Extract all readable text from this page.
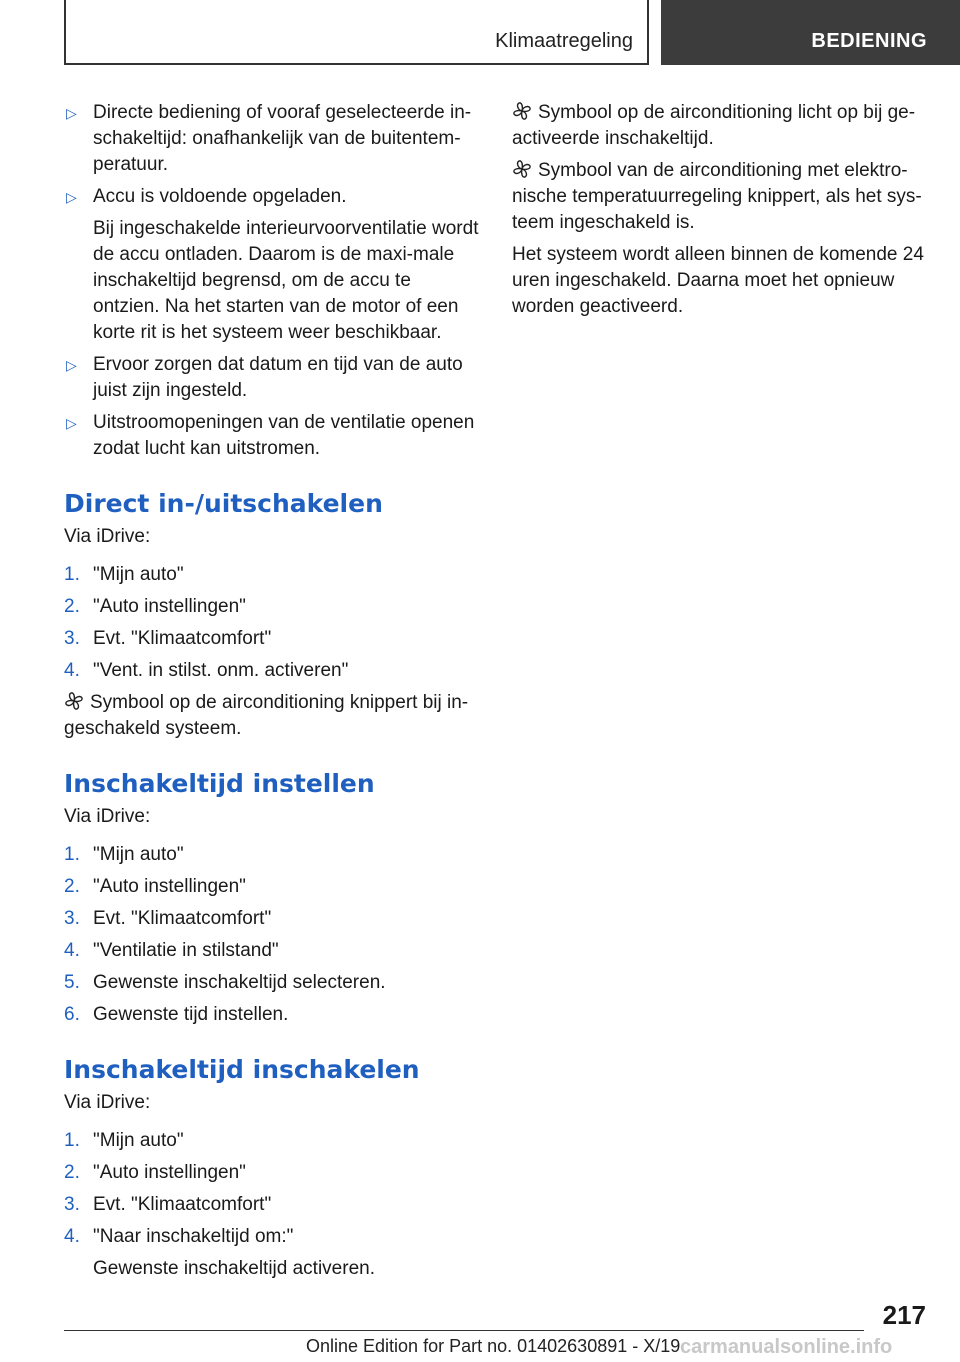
Klimaatregeling	BEDIENING
▷ Directe bediening of vooraf geselecteerde in-schakeltijd: onafhankelijk van de buitentem-peratuur.

▷ Accu is voldoende opgeladen.

Bij ingeschakelde interieurvoorventilatie wordt de accu ontladen. Daarom is de maxi-male inschakeltijd begrensd, om de accu te ontzien. Na het starten van de motor of een korte rit is het systeem weer beschikbaar.

▷ Ervoor zorgen dat datum en tijd van de auto juist zijn ingesteld.

▷ Uitstroomopeningen van de ventilatie openen zodat lucht kan uitstromen.

Direct in-/uitschakelen

Via iDrive:

1. "Mijn auto"
2. "Auto instellingen"
3. Evt. "Klimaatcomfort"
4. "Vent. in stilst. onm. activeren"

Symbool op de airconditioning knippert bij in-geschakeld systeem.

Inschakeltijd instellen

Via iDrive:

1. "Mijn auto"
2. "Auto instellingen"
3. Evt. "Klimaatcomfort"
4. "Ventilatie in stilstand"
5. Gewenste inschakeltijd selecteren.
6. Gewenste tijd instellen.
Inschakeltijd inschakelen

Via iDrive:

1. "Mijn auto"
2. "Auto instellingen"
3. Evt. "Klimaatcomfort"
4. "Naar inschakeltijd om:"
Gewenste inschakeltijd activeren.

Symbool op de airconditioning licht op bij ge-activeerde inschakeltijd.

Symbool van de airconditioning met elektro-nische temperatuurregeling knippert, als het sys-teem ingeschakeld is.

Het systeem wordt alleen binnen de komende 24 uren ingeschakeld. Daarna moet het opnieuw worden geactiveerd.

217
Online Edition for Part no. 01402630891 - X/19 carmanualsonline.info
